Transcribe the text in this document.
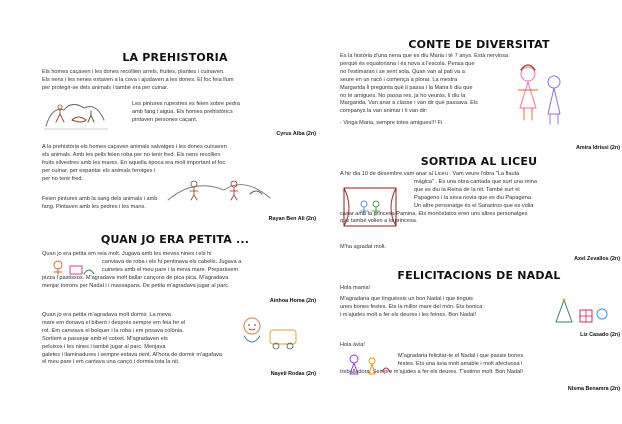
LA PREHISTORIA

Els homes caçaven i les dones recollien arrels, fruites, plantes i cuinaven.
Els nens i les nenes estaven a la cova i ajudaven a les dones. El foc feia llum
per protegir-se dels animals i també era per cuinar.

Les pintures rupestres es feien sobre pedra
amb fang i aigua. Els homes prehistòrics
pintaven persones caçant.

Cyrus Alba (2n)

A la prehistòria els homes caçaven animals salvatges i les dones cuinaven
els animals. Amb les pells feien roba per no tenir fred. Els nens recollien
fruits silvestres amb les mares. En aquella època era molt important el foc
per cuinar, per espantar els animals ferotges i
per no tenir fred.

Feien pintures amb la sang dels animals i amb
fang. Pintaven amb les pedres i les mans.

Rayan Ben Ali (2n)
QUAN JO ERA PETITA ...

Quan jo era petita em reia molt. Jugava amb les meves nines i els hi
canviava de roba i els hi pentinava els cabells. Jugava a
cuinetes amb el meu pare i la meva mare. Preparàvem
pizza i pastissos. M'agradava molt ballar cançons de pica pica. M'agradava
menjar torrons per Nadal i i massapans. De petita m'agradava jugar al parc.

Ainhoa Homa (2n)

Quan jo era petita m'agradava molt dormir. La meva
mare em donava el biberó i després sempre em feia fer el
rot. Em canviava el bolquer i la roba i em posava colònia.
Sortíem a passejar amb el cotxet. M'agradaven els
peluixos i les nines i també jugar al parc. Menjava
galetes i llaminadures i sempre estava rient. Al'hora de dormir m'agafava
el meu pare i em cantava una cançó i dormia tota la nit.

Nayeli Rodas (2n)
CONTE DE DIVERSITAT

Es la història d'una nena que es diu Maria i té 7 anys. Està nerviosa
perquè és equatoriana i és nova a l'escola. Pensa que
no l'estimaran i se sent sola. Quan van al pati va a
seure en un racó i comença a plorar. La mestra
Margarida li pregunta què li passa i la Maria li diu que
no té amigues. No passa res, ja ho veuràs, li diu la
Margarida. Van anar a classe i van dir què passava. Els
companys la van animar i li van dir:
- Vinga Maria, sempre totes amigues!!! Fi

Amira Idrissi (2n)
SORTIDA AL LICEU

A hir dia 10 de desembre vam anar al Liceu . Vam veure l'obra "La flauta
màgica" . Es una obra cantada que surt una reina
que es diu la Reina de la nit. També surt el
Papageno i la seva novia que es diu Papagena.
Un altre personatge és el Sarastros que es volia
casar amb la princesa Pamina. Els monòstatos eren uns altres personatges
que també volien a la princesa.

M'ha agradat molt.

Axel Zevallos (2n)
FELICITACIONS DE NADAL

Hola mama!
M'agradaria que tinguéssis un bon Nadal i que tinguis
unes bones festes. Ets la millor mare del món. Ets bonica
i m'ajudes molt a fer els deures i les feines. Bon Nadal!

Liz Casado (2n)

Hola àvia!
M'agradaria felicitar-te el Nadal i que passis bones
festes. Ets una àvia molt amable i molt afectuosa i
treballadora. Sempre m'ajudes a fer els deures. T'estimo molt. Bon Nadal!

Nisma Benamra (2n)
